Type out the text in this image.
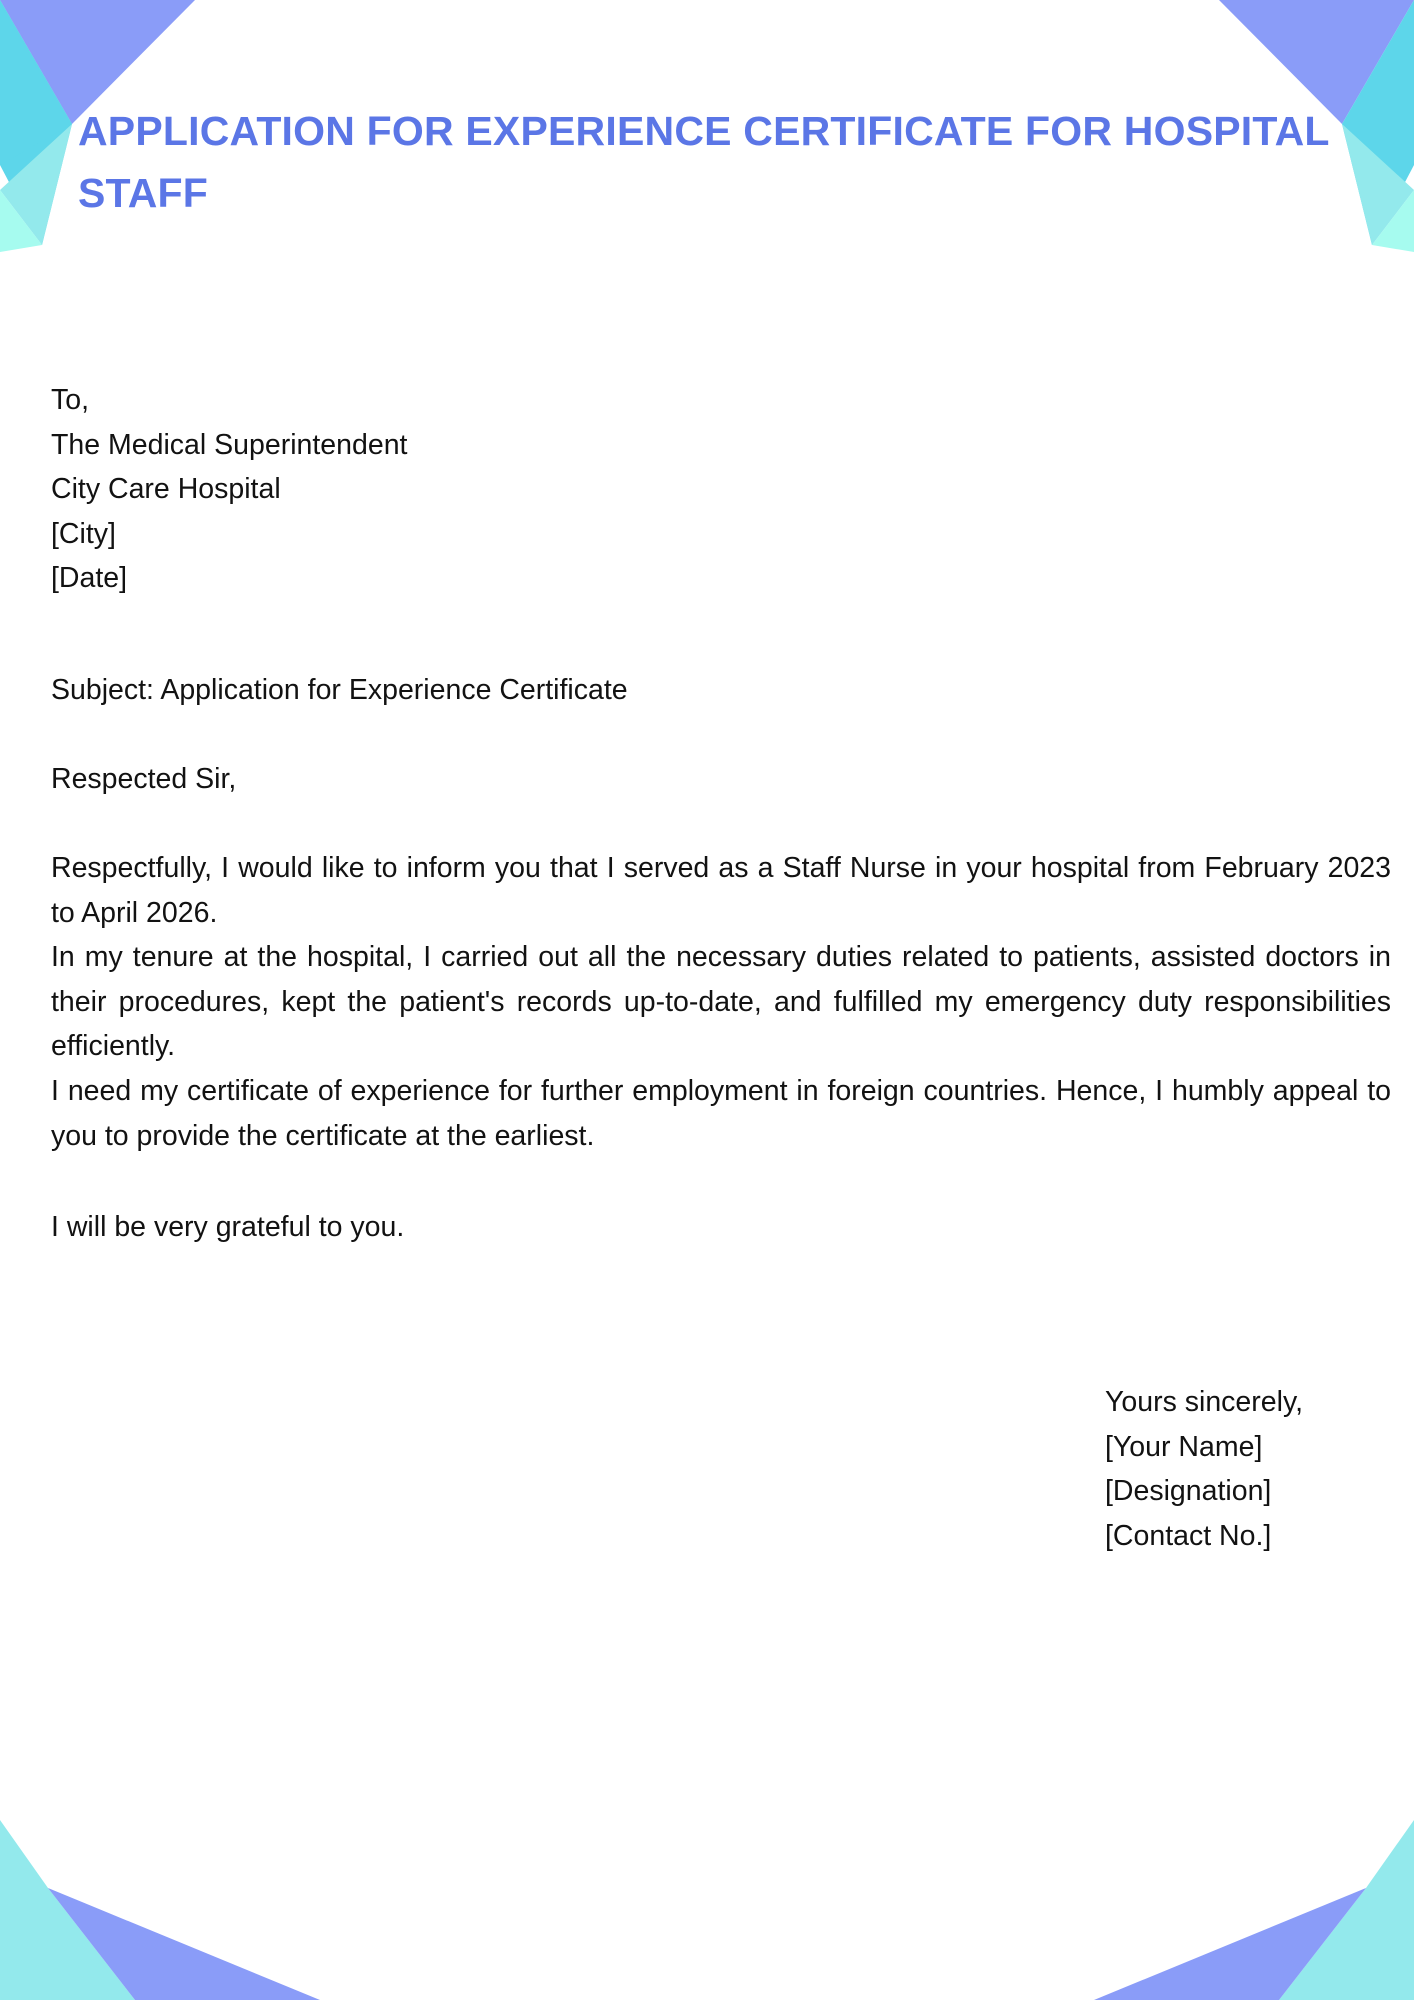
APPLICATION FOR EXPERIENCE CERTIFICATE FOR HOSPITAL STAFF
To,
The Medical Superintendent
City Care Hospital
[City]
[Date]
Subject: Application for Experience Certificate
Respected Sir,

Respectfully, I would like to inform you that I served as a Staff Nurse in your hospital from February 2023 to April 2026.

In my tenure at the hospital, I carried out all the necessary duties related to patients, assisted doctors in their procedures, kept the patient's records up-to-date, and fulfilled my emergency duty responsibilities efficiently.

I need my certificate of experience for further employment in foreign countries. Hence, I humbly appeal to you to provide the certificate at the earliest.

I will be very grateful to you.
Yours sincerely,
[Your Name]
[Designation]
[Contact No.]
